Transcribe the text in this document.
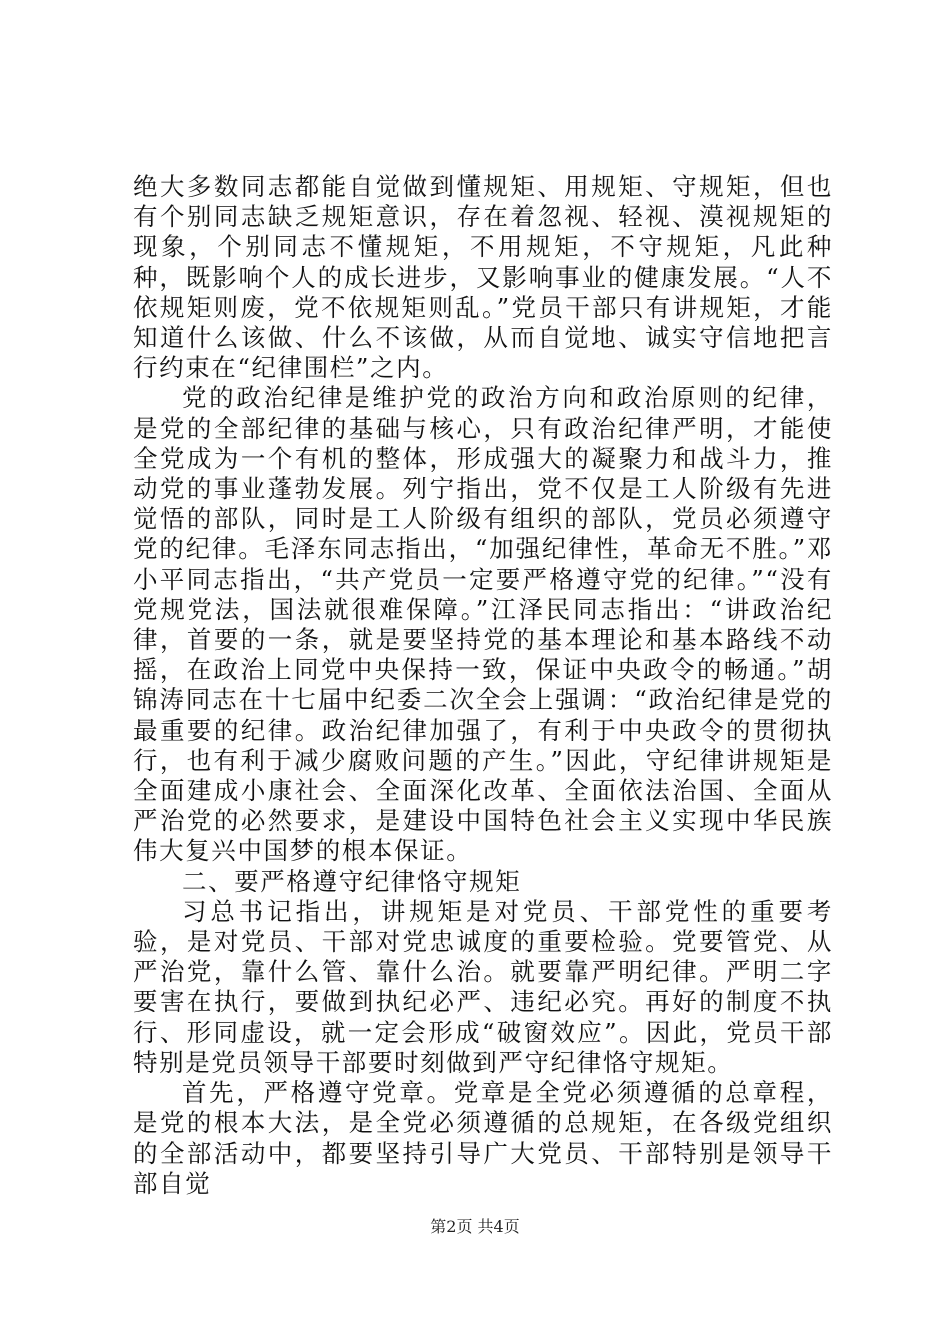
绝大多数同志都能自觉做到懂规矩、用规矩、守规矩，但也有个别同志缺乏规矩意识，存在着忽视、轻视、漠视规矩的现象，个别同志不懂规矩，不用规矩，不守规矩，凡此种种，既影响个人的成长进步，又影响事业的健康发展。“人不依规矩则废，党不依规矩则乱。”党员干部只有讲规矩，才能知道什么该做、什么不该做，从而自觉地、诚实守信地把言行约束在“纪律围栏”之内。

党的政治纪律是维护党的政治方向和政治原则的纪律，是党的全部纪律的基础与核心，只有政治纪律严明，才能使全党成为一个有机的整体，形成强大的凝聚力和战斗力，推动党的事业蓬勃发展。列宁指出，党不仅是工人阶级有先进觉悟的部队，同时是工人阶级有组织的部队，党员必须遵守党的纪律。毛泽东同志指出，“加强纪律性，革命无不胜。”邓小平同志指出，“共产党员一定要严格遵守党的纪律。”“没有党规党法，国法就很难保障。”江泽民同志指出：“讲政治纪律，首要的一条，就是要坚持党的基本理论和基本路线不动摇，在政治上同党中央保持一致，保证中央政令的畅通。”胡锦涛同志在十七届中纪委二次全会上强调：“政治纪律是党的最重要的纪律。政治纪律加强了，有利于中央政令的贯彻执行，也有利于减少腐败问题的产生。”因此，守纪律讲规矩是全面建成小康社会、全面深化改革、全面依法治国、全面从严治党的必然要求，是建设中国特色社会主义实现中华民族伟大复兴中国梦的根本保证。

二、要严格遵守纪律恪守规矩

习总书记指出，讲规矩是对党员、干部党性的重要考验，是对党员、干部对党忠诚度的重要检验。党要管党、从严治党，靠什么管、靠什么治。就要靠严明纪律。严明二字要害在执行，要做到执纪必严、违纪必究。再好的制度不执行、形同虚设，就一定会形成“破窗效应”。因此，党员干部特别是党员领导干部要时刻做到严守纪律恪守规矩。

首先，严格遵守党章。党章是全党必须遵循的总章程，是党的根本大法，是全党必须遵循的总规矩，在各级党组织的全部活动中，都要坚持引导广大党员、干部特别是领导干部自觉

第2页 共4页
